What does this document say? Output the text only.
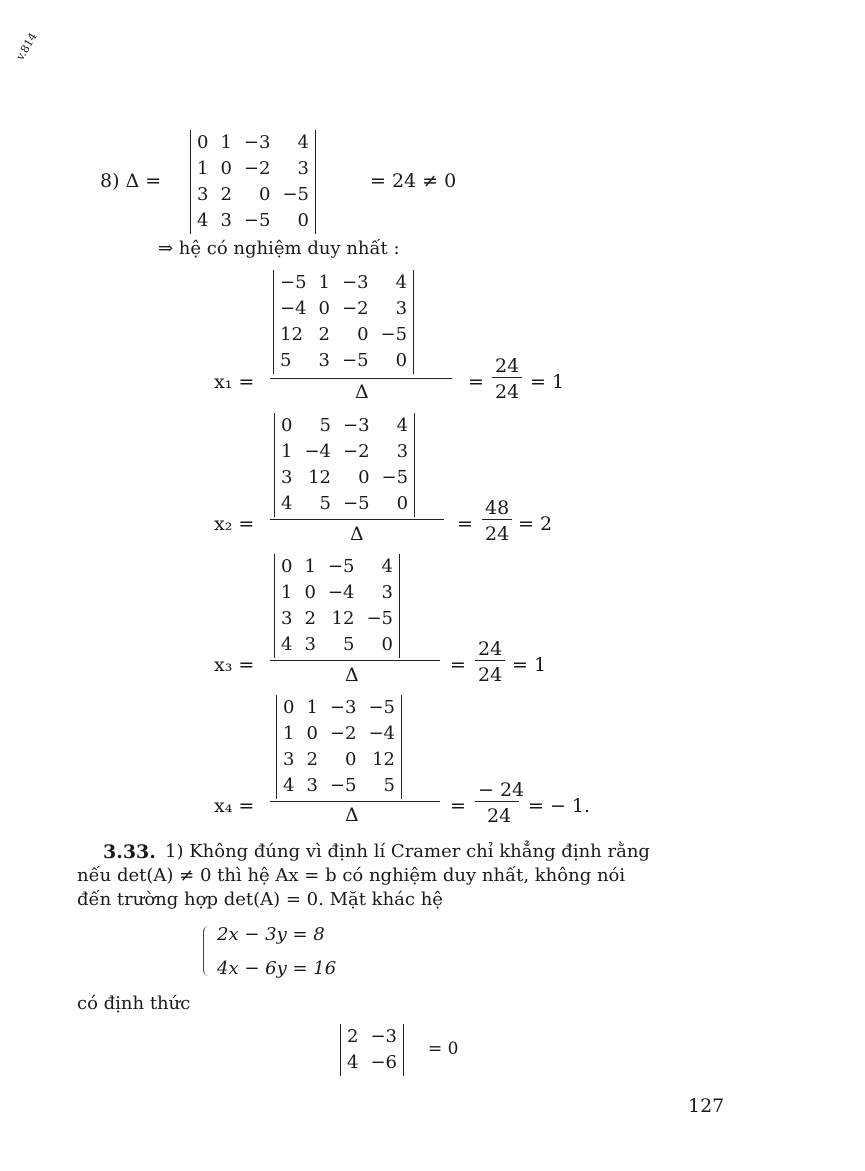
v.814
8) Δ =
0	1	−3	4
1	0	−2	3
3	2	0	−5
4	3	−5	0
= 24 ≠ 0
⇒ hệ có nghiệm duy nhất :
−5	1	−3	4
−4	0	−2	3
12	2	0	−5
5	3	−5	0
x₁ =	Δ	=
24
24 = 1
0	5	−3	4
1	−4	−2	3
3	12	0	−5
4	5	−5	0
x₂ =	Δ	=
48
24 = 2
0	1	−5	4
1	0	−4	3
3	2	12	−5
4	3	5	0
x₃ =	Δ	=
24
24 = 1
0	1	−3	−5
1	0	−2	−4
3	2	0	12
4	3	−5	5
x₄ =	Δ	=
− 24
24 = − 1.
3.33. 1) Không đúng vì định lí Cramer chỉ khẳng định rằng
nếu det(A) ≠ 0 thì hệ Ax = b có nghiệm duy nhất, không nói
đến trường hợp det(A) = 0. Mặt khác hệ
2x − 3y = 8
4x − 6y = 16
có định thức
2	−3
4	−6
= 0
127
